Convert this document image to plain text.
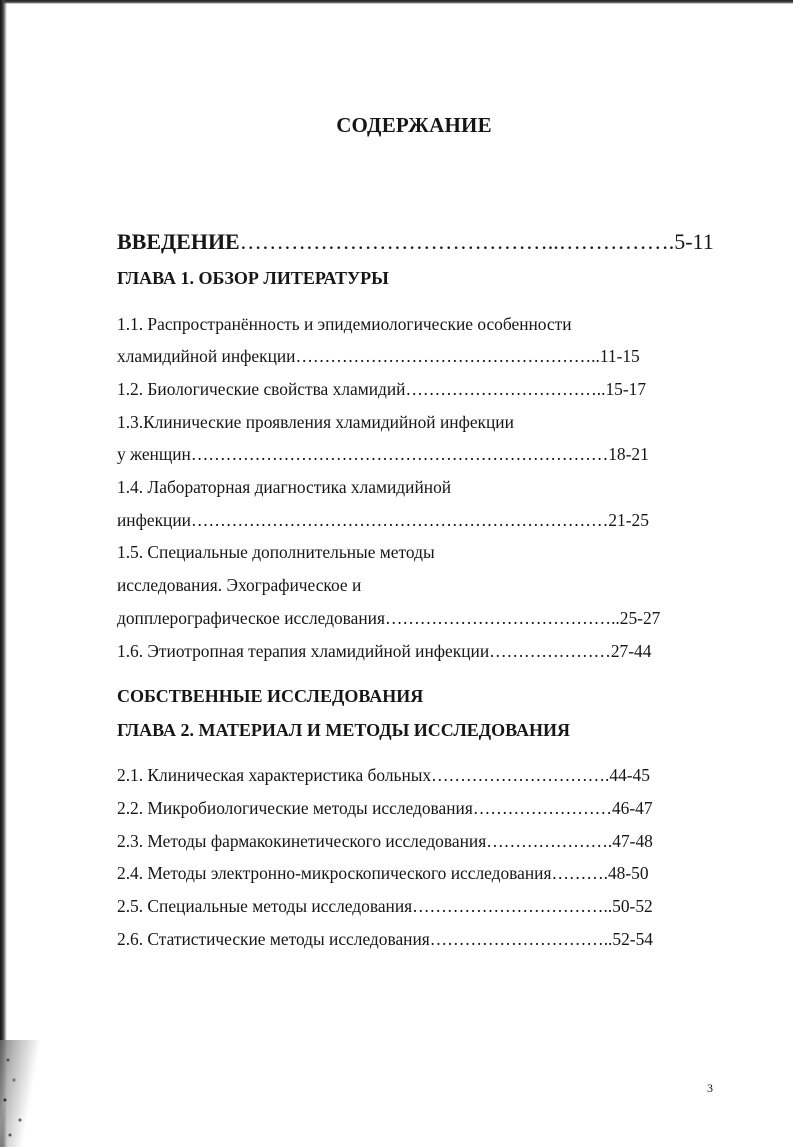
СОДЕРЖАНИЕ
ВВЕДЕНИЕ……………………………………..…………….5-11
ГЛАВА 1. ОБЗОР ЛИТЕРАТУРЫ
1.1. Распространённость и эпидемиологические особенности
хламидийной инфекции……………………………………………..11-15
1.2. Биологические свойства хламидий……………………………..15-17
1.3.Клинические проявления хламидийной инфекции
у женщин………………………………………………………………18-21
1.4. Лабораторная диагностика хламидийной
инфекции………………………………………………………………21-25
1.5. Специальные дополнительные методы
исследования. Эхографическое и
допплерографическое исследования…………………………………..25-27
1.6. Этиотропная терапия хламидийной инфекции…………………27-44
СОБСТВЕННЫЕ ИССЛЕДОВАНИЯ
ГЛАВА 2. МАТЕРИАЛ И МЕТОДЫ ИССЛЕДОВАНИЯ
2.1. Клиническая характеристика больных………………………….44-45
2.2. Микробиологические методы исследования……………………46-47
2.3. Методы фармакокинетического исследования………………….47-48
2.4. Методы электронно-микроскопического исследования……….48-50
2.5. Специальные методы исследования……………………………..50-52
2.6. Статистические методы исследования…………………………..52-54
3
